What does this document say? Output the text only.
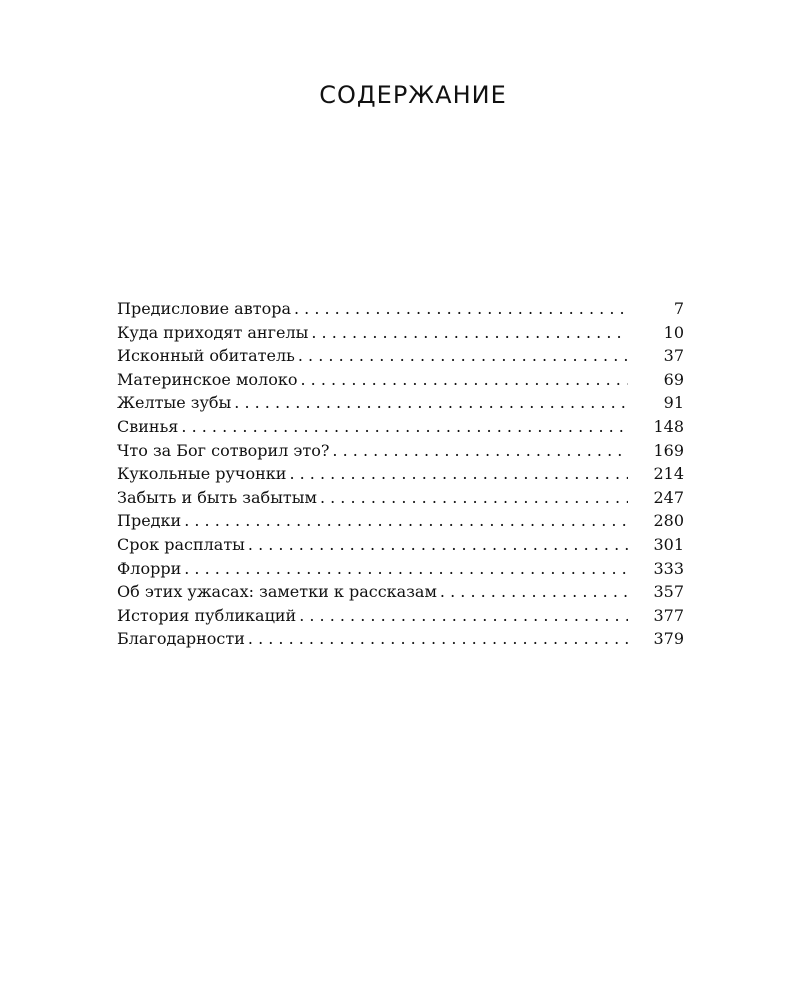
СОДЕРЖАНИЕ
Предисловие автора . . .	7
Куда приходят ангелы . . .	10
Исконный обитатель . . .	37
Материнское молоко . . .	69
Желтые зубы . . .	91
Свинья . . .	148
Что за Бог сотворил это? . . .	169
Кукольные ручонки . . .	214
Забыть и быть забытым . . .	247
Предки . . .	280
Срок расплаты . . .	301
Флорри . . .	333
Об этих ужасах: заметки к рассказам . . .	357
История публикаций . . .	377
Благодарности . . .	379
